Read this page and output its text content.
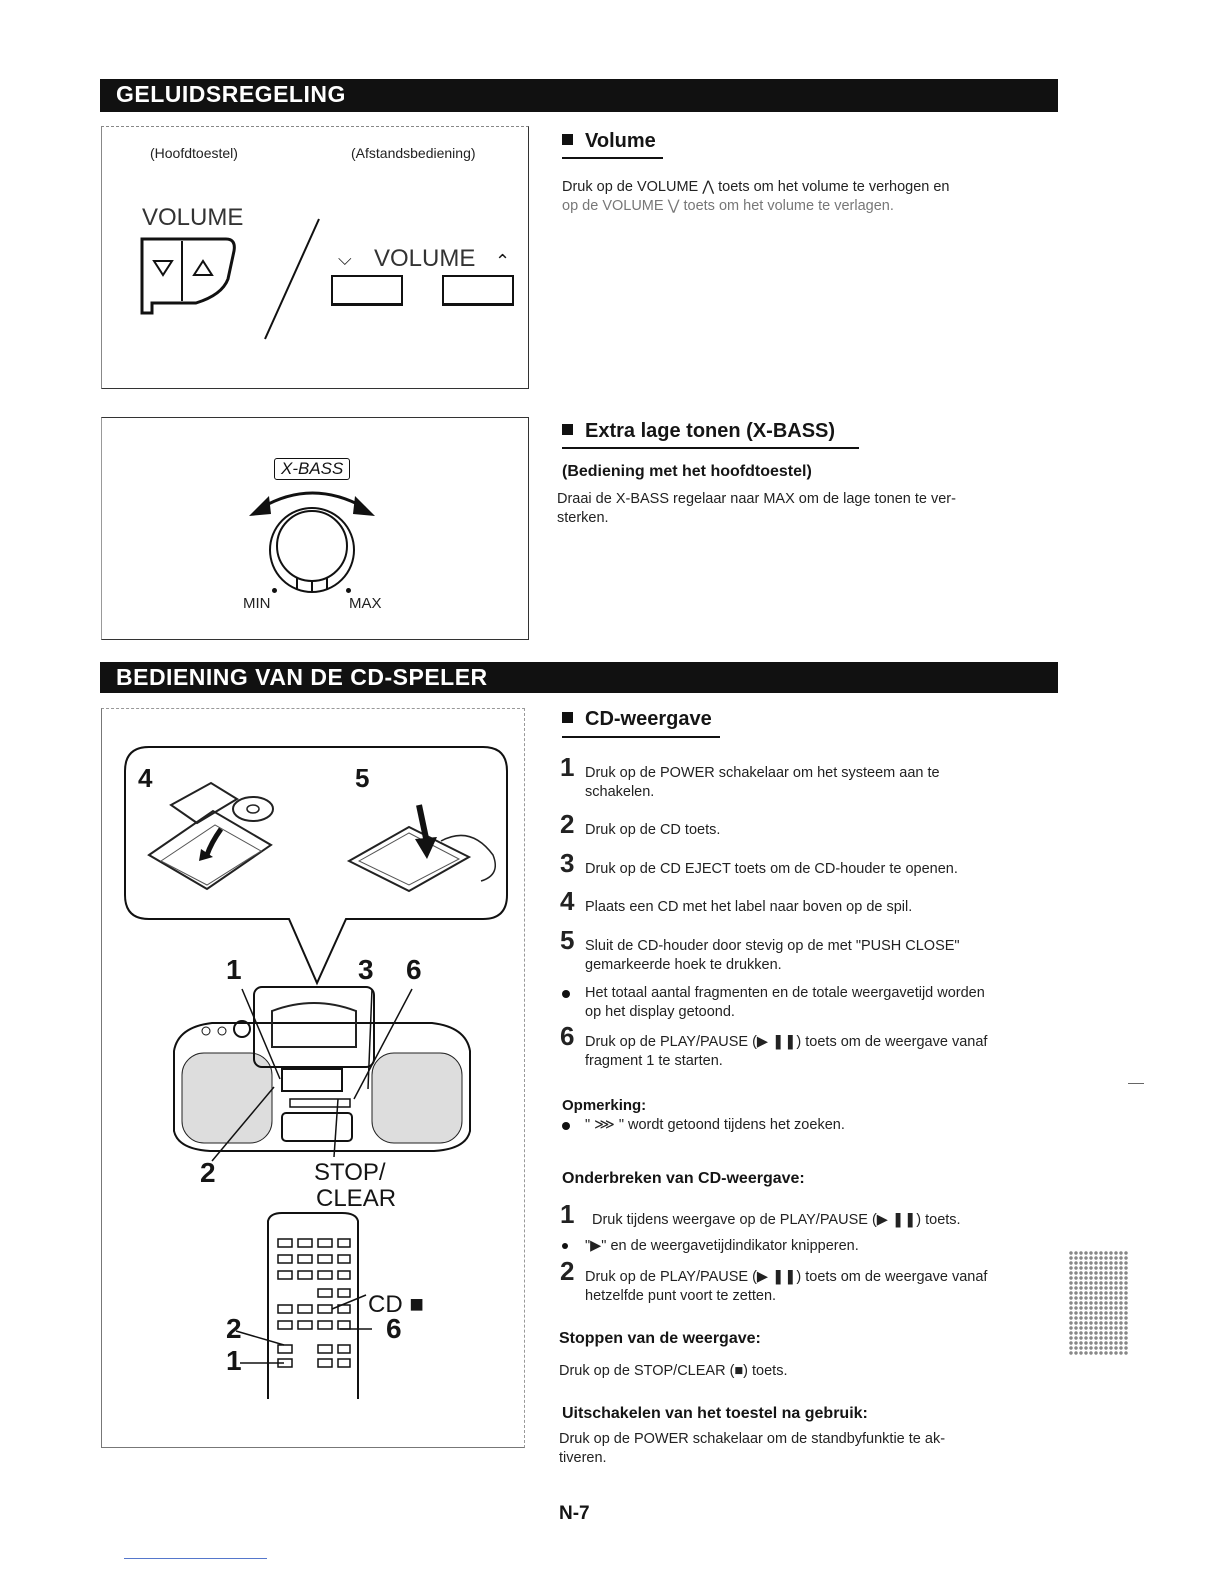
GELUIDSREGELING
(Hoofdtoestel)	(Afstandsbediening)
VOLUME
⌵ VOLUME ⌃
Volume
Druk op de VOLUME ⋀ toets om het volume te verhogen en
op de VOLUME ⋁ toets om het volume te verlagen.
X-BASS
MIN	MAX
Extra lage tonen (X-BASS)
(Bediening met het hoofdtoestel)
Draai de X-BASS regelaar naar MAX om de lage tonen te ver-
sterken.
BEDIENING VAN DE CD-SPELER
4	5
1	3 6
2	STOP/
CLEAR
CD ■
2
1
6
CD-weergave
1 Druk op de POWER schakelaar om het systeem aan te
schakelen.
2 Druk op de CD toets.
3 Druk op de CD EJECT toets om de CD-houder te openen.
4 Plaats een CD met het label naar boven op de spil.
5 Sluit de CD-houder door stevig op de met "PUSH CLOSE"
gemarkeerde hoek te drukken.
Het totaal aantal fragmenten en de totale weergavetijd worden
op het display getoond.
6 Druk op de PLAY/PAUSE (▶ ❚❚) toets om de weergave vanaf
fragment 1 te starten.
Opmerking:
" ⋙ " wordt getoond tijdens het zoeken.
Onderbreken van CD-weergave:
1 Druk tijdens weergave op de PLAY/PAUSE (▶ ❚❚) toets.
"▶" en de weergavetijdindikator knipperen.
2 Druk op de PLAY/PAUSE (▶ ❚❚) toets om de weergave vanaf
hetzelfde punt voort te zetten.
Stoppen van de weergave:
Druk op de STOP/CLEAR (■) toets.
Uitschakelen van het toestel na gebruik:
Druk op de POWER schakelaar om de standbyfunktie te ak-
tiveren.
N-7
